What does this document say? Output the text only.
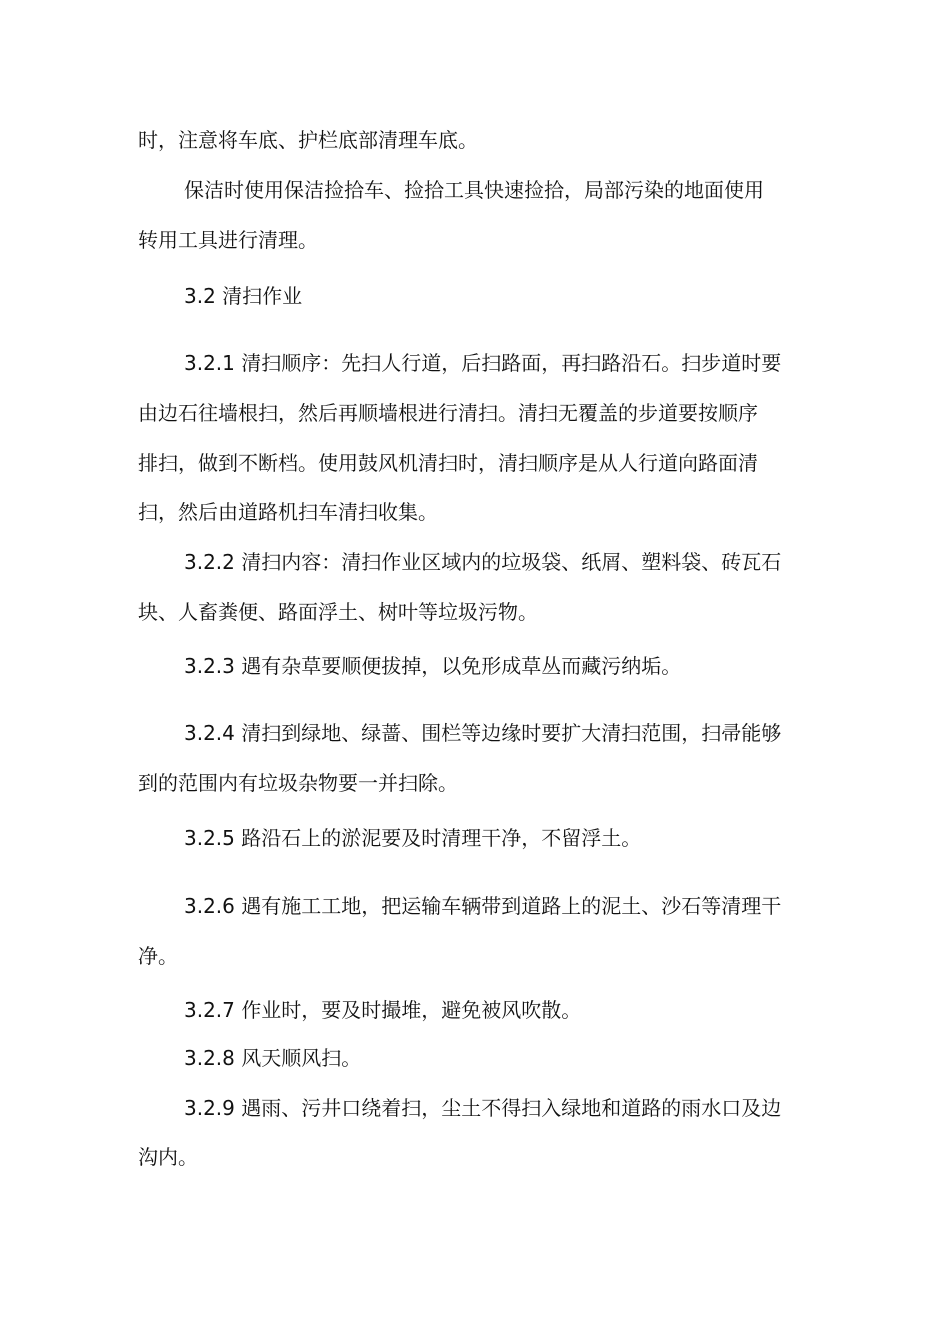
时，注意将车底、护栏底部清理车底。
保洁时使用保洁捡拾车、捡拾工具快速捡拾，局部污染的地面使用
转用工具进行清理。
3.2 清扫作业
3.2.1 清扫顺序：先扫人行道，后扫路面，再扫路沿石。扫步道时要
由边石往墙根扫，然后再顺墙根进行清扫。清扫无覆盖的步道要按顺序
排扫，做到不断档。使用鼓风机清扫时，清扫顺序是从人行道向路面清
扫，然后由道路机扫车清扫收集。
3.2.2 清扫内容：清扫作业区域内的垃圾袋、纸屑、塑料袋、砖瓦石
块、人畜粪便、路面浮土、树叶等垃圾污物。
3.2.3 遇有杂草要顺便拔掉，以免形成草丛而藏污纳垢。
3.2.4 清扫到绿地、绿蔷、围栏等边缘时要扩大清扫范围，扫帚能够
到的范围内有垃圾杂物要一并扫除。
3.2.5 路沿石上的淤泥要及时清理干净，不留浮土。
3.2.6 遇有施工工地，把运输车辆带到道路上的泥土、沙石等清理干
净。
3.2.7 作业时，要及时撮堆，避免被风吹散。
3.2.8 风天顺风扫。
3.2.9 遇雨、污井口绕着扫，尘土不得扫入绿地和道路的雨水口及边
沟内。
